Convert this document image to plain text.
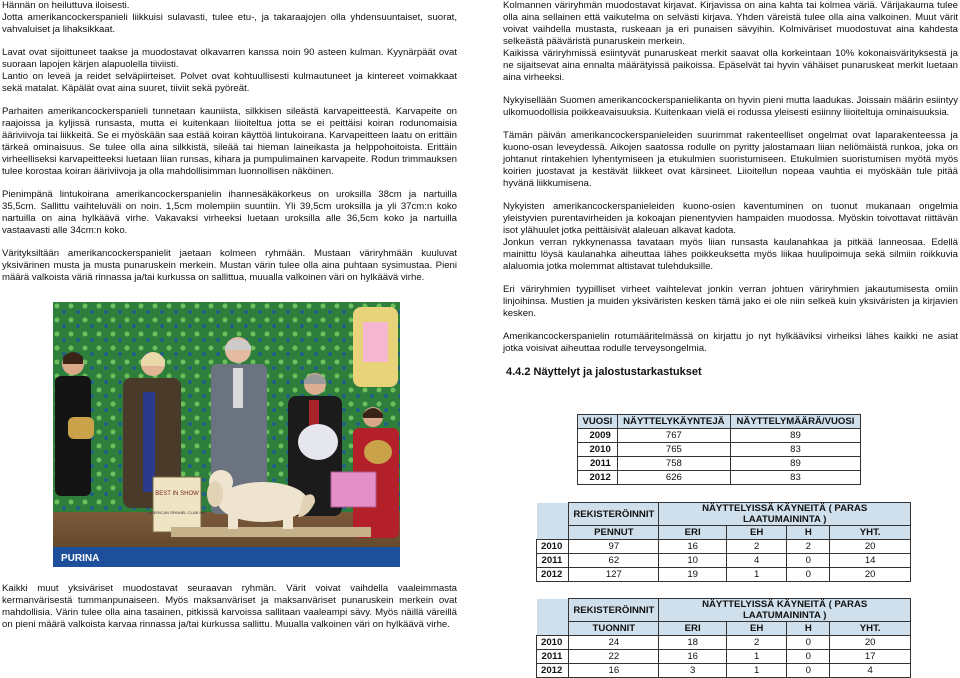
Hännän on heiluttuva iloisesti.

Jotta amerikancockerspanieli liikkuisi sulavasti, tulee etu-, ja takaraajojen olla yhdensuuntaiset, suorat, vahvaluiset ja lihaksikkaat.

Lavat ovat sijoittuneet taakse ja muodostavat olkavarren kanssa noin 90 asteen kulman. Kyynärpäät ovat suoraan lapojen kärjen alapuolella tiiviisti.

Lantio on leveä ja reidet selväpiirteiset. Polvet ovat kohtuullisesti kulmautuneet ja kintereet voimakkaat sekä matalat. Käpälät ovat aina suuret, tiiviit sekä pyöreät.

Parhaiten amerikancockerspanieli tunnetaan kauniista, silkkisen sileästä karvapeitteestä. Karvapeite on raajoissa ja kyljissä runsasta, mutta ei kuitenkaan liioiteltua jotta se ei peittäisi koiran rodunomaisia ääriviivoja tai liikkeitä. Se ei myöskään saa estää koiran käyttöä lintukoirana. Karvapeitteen laatu on erittäin tärkeä ominaisuus. Se tulee olla aina silkkistä, sileää tai hieman laineikasta ja helppohoitoista. Erittäin virheelliseksi karvapeitteeksi luetaan liian runsas, kihara ja pumpulimainen karvapeite. Rodun trimmauksen tulee korostaa koiran ääriviivoja ja olla mahdollisimman luonnollisen näköinen.

Pienimpänä lintukoirana amerikancockerspanielin ihannesäkäkorkeus on uroksilla 38cm ja nartuilla 35,5cm. Sallittu vaihteluväli on noin. 1,5cm molempiin suuntiin. Yli 39,5cm uroksilla ja yli 37cm:n koko nartuilla on aina hylkäävä virhe. Vakavaksi virheeksi luetaan uroksilla alle 36,5cm koko ja nartuilla vastaavasti alle 34cm:n koko.

Värityksiltään amerikancockerspanielit jaetaan kolmeen ryhmään. Mustaan väriryhmään kuuluvat yksivärinen musta ja musta punaruskein merkein. Mustan värin tulee olla aina puhtaan sysimustaa. Pieni määrä valkoista väriä rinnassa ja/tai kurkussa on sallittua, muualla valkoinen väri on hylkäävä virhe.

BEST IN SHOW
AMERICAN SPANIEL CLUB INC
PURINA

Kaikki muut yksiväriset muodostavat seuraavan ryhmän. Värit voivat vaihdella vaaleimmasta kermanvärisestä tummanpunaiseen. Myös maksanväriset ja maksanväriset punaruskein merkein ovat mahdollisia. Värin tulee olla aina tasainen, pitkissä karvoissa sallitaan vaaleampi sävy. Myös näillä väreillä on pieni määrä valkoista karvaa rinnassa ja/tai kurkussa sallittu. Muualla valkoinen väri on hylkäävä virhe.

Kolmannen väriryhmän muodostavat kirjavat. Kirjavissa on aina kahta tai kolmea väriä. Värijakauma tulee olla aina sellainen että vaikutelma on selvästi kirjava. Yhden väreistä tulee olla aina valkoinen. Muut värit voivat vaihdella mustasta, ruskeaan ja eri punaisen sävyihin. Kolmiväriset muodostuvat aina kahdesta selkeästä pääväristä punaruskein merkein.

Kaikissa väriryhmissä esiintyvät punaruskeat merkit saavat olla korkeintaan 10% kokonaisvärityksestä ja ne sijaitsevat aina ennalta määrätyissä paikoissa. Epäselvät tai hyvin vähäiset punaruskeat merkit luetaan aina virheeksi.

Nykyisellään Suomen amerikancockerspanielikanta on hyvin pieni mutta laadukas. Joissain määrin esiintyy ulkomuodollisia poikkeavaisuuksia. Kuitenkaan vielä ei rodussa yleisesti esiinny liioiteltuja ominaisuuksia.

Tämän päivän amerikancockerspanieleiden suurimmat rakenteelliset ongelmat ovat laparakenteessa ja kuono-osan leveydessä. Aikojen saatossa rodulle on pyritty jalostamaan liian neliömäistä runkoa, joka on johtanut rintakehien lyhentymiseen ja etukulmien suoristumiseen. Etukulmien suoristumisen myötä myös koirien juostavat ja kestävät liikkeet ovat kärsineet. Liioitellun nopeaa vauhtia ei myöskään tule pitää hyvänä liikkumisena.

Nykyisten amerikancockerspanieleiden kuono-osien kaventuminen on tuonut mukanaan ongelmia yleistyvien purentavirheiden ja kokoajan pienentyvien hampaiden muodossa. Myöskin toivottavat riittävän isot ylähuulet jotka peittäisivät alaleuan alkavat kadota.

Jonkun verran rykkynenassa tavataan myös liian runsasta kaulanahkaa ja pitkää lanneosaa. Edellä mainittu löysä kaulanahka aiheuttaa lähes poikkeuksetta myös liikaa huulipoimuja sekä silmiin roikkuvia alaluomia jotka molemmat altistavat tulehduksille.

Eri väriryhmien tyypilliset virheet vaihtelevat jonkin verran johtuen väriryhmien jakautumisesta omiin linjoihinsa. Mustien ja muiden yksiväristen kesken tämä jako ei ole niin selkeä kuin yksiväristen ja kirjavien kesken.

Amerikancockerspanielin rotumääritelmässä on kirjattu jo nyt hylkääviksi virheiksi lähes kaikki ne asiat jotka voisivat aiheuttaa rodulle terveysongelmia.

4.4.2 Näyttelyt ja jalostustarkastukset
VUOSI	NÄYTTELYKÄYNTEJÄ	NÄYTTELYMÄÄRÄ/VUOSI
2009	767	89
2010	765	83
2011	758	89
2012	626	83
	REKISTERÖINNIT	NÄYTTELYISSÄ KÄYNEITÄ ( PARAS LAATUMAININTA )			
	PENNUT	ERI	EH	H	YHT.
2010	97	16	2	2	20
2011	62	10	4	0	14
2012	127	19	1	0	20
	REKISTERÖINNIT	NÄYTTELYISSÄ KÄYNEITÄ ( PARAS LAATUMAININTA )			
	TUONNIT	ERI	EH	H	YHT.
2010	24	18	2	0	20
2011	22	16	1	0	17
2012	16	3	1	0	4
